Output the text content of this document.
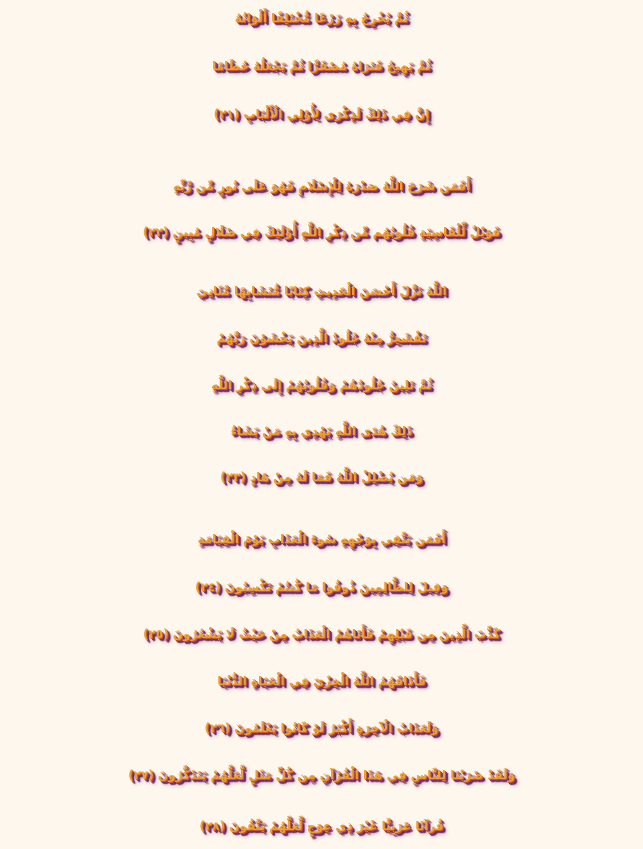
ثُمَّ يُخْرِجُ بِهِ زَرْعًا مُّخْتَلِفًا أَلْوَانُهُ
ثُمَّ يَهِيجُ فَتَرَاهُ مُصْفَرًّا ثُمَّ يَجْعَلُهُ حُطَامًا
إِنَّ فِي ذَلِكَ لَذِكْرَى لِأُوْلِي الْأَلْبَابِ (٢١)
أَفَمَن شَرَحَ اللَّهُ صَدْرَهُ لِلْإِسْلَامِ فَهُوَ عَلَى نُورٍ مِّن رَّبِّهِ
فَوَيْلٌ لِّلْقَاسِيَةِ قُلُوبُهُم مِّن ذِكْرِ اللَّهِ أُوْلَئِكَ فِي ضَلَالٍ مُبِينٍ (٢٢)
اللَّهُ نَزَّلَ أَحْسَنَ الْحَدِيثِ كِتَابًا مُّتَشَابِهًا مَّثَانِيَ
تَقْشَعِرُّ مِنْهُ جُلُودُ الَّذِينَ يَخْشَوْنَ رَبَّهُمْ
ثُمَّ تَلِينُ جُلُودُهُمْ وَقُلُوبُهُمْ إِلَى ذِكْرِ اللَّهِ
ذَلِكَ هُدَى اللَّهِ يَهْدِي بِهِ مَنْ يَشَاءُ
وَمَن يُضْلِلْ اللَّهُ فَمَا لَهُ مِنْ هَادٍ (٢٣)
أَفَمَن يَتَّقِي بِوَجْهِهِ سُوءَ الْعَذَابِ يَوْمَ الْقِيَامَةِ
وَقِيلَ لِلظَّالِمِينَ ذُوقُوا مَا كُنتُمْ تَكْسِبُونَ (٢٤)
كَذَّبَ الَّذِينَ مِن قَبْلِهِمْ فَأَتَاهُمْ الْعَذَابُ مِنْ حَيْثُ لَا يَشْعُرُونَ (٢٥)
فَأَذَاقَهُمُ اللَّهُ الْخِزْيَ فِي الْحَيَاةِ الدُّنْيَا
وَلَعَذَابُ الْآخِرَةِ أَكْبَرُ لَوْ كَانُوا يَعْلَمُونَ (٢٦)
وَلَقَدْ ضَرَبْنَا لِلنَّاسِ فِي هَذَا الْقُرْآنِ مِن كُلِّ مَثَلٍ لَّعَلَّهُمْ يَتَذَكَّرُونَ (٢٧)
قُرآنًا عَرَبِيًّا غَيْرَ ذِي عِوَجٍ لَّعَلَّهُمْ يَتَّقُونَ (٢٨)
